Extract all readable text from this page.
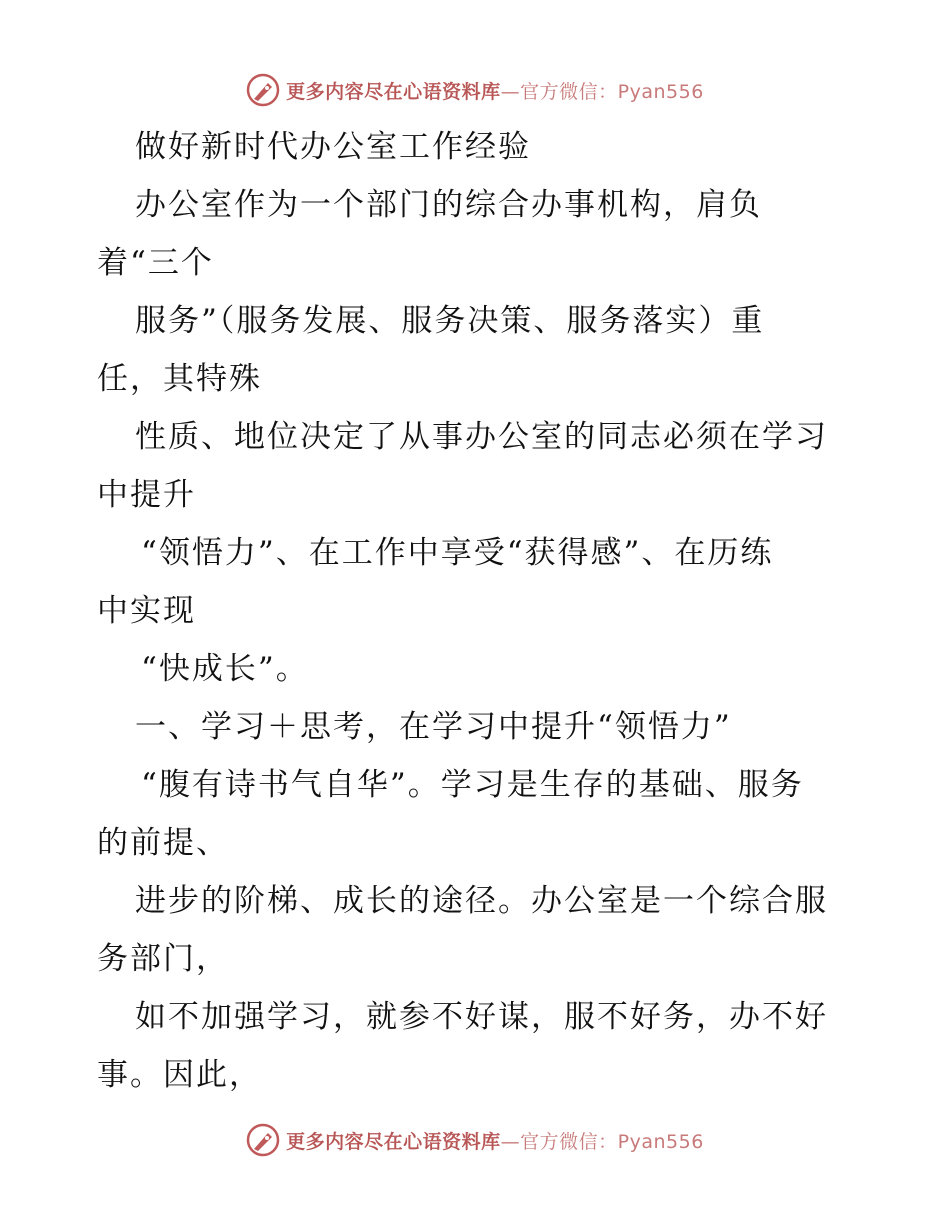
更多内容尽在心语资料库—官方微信：Pyan556
做好新时代办公室工作经验
办公室作为一个部门的综合办事机构，肩负
着“三个
服务”（服务发展、服务决策、服务落实）重
任，其特殊
性质、地位决定了从事办公室的同志必须在学习
中提升
“领悟力”、在工作中享受“获得感”、在历练
中实现
“快成长”。
一、学习＋思考，在学习中提升“领悟力”
“腹有诗书气自华”。学习是生存的基础、服务
的前提、
进步的阶梯、成长的途径。办公室是一个综合服
务部门，
如不加强学习，就参不好谋，服不好务，办不好
事。因此，
更多内容尽在心语资料库—官方微信：Pyan556
